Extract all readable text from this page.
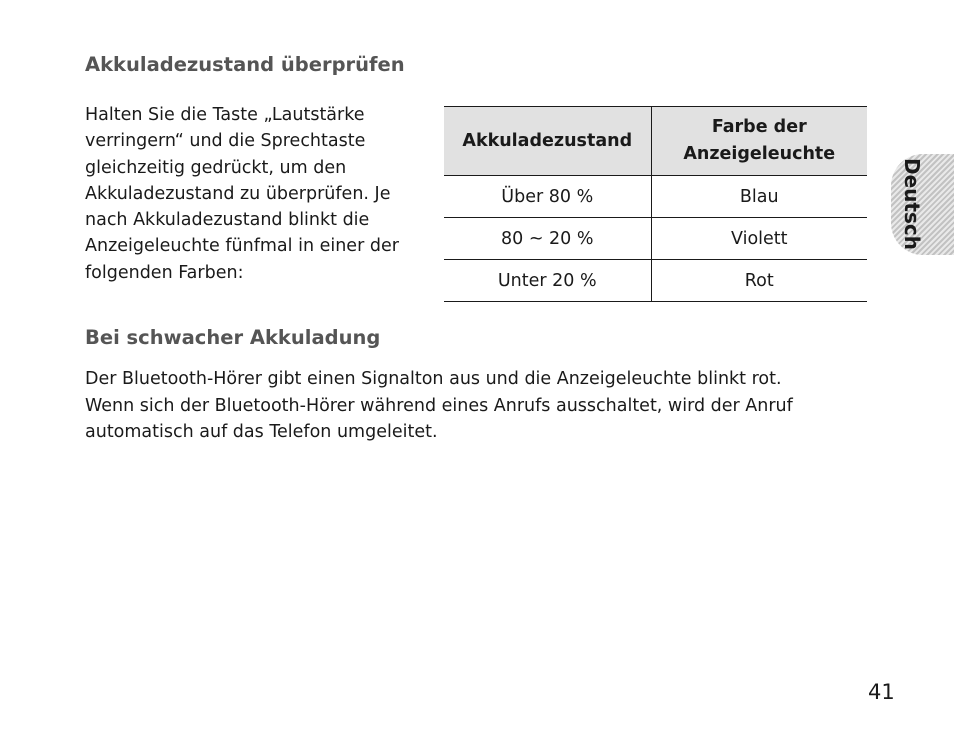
Akkuladezustand überprüfen

Halten Sie die Taste „Lautstärke
verringern“ und die Sprechtaste
gleichzeitig gedrückt, um den
Akkuladezustand zu überprüfen. Je
nach Akkuladezustand blinkt die
Anzeigeleuchte fünfmal in einer der
folgenden Farben:

Akkuladezustand	Farbe der Anzeigeleuchte
Über 80 %	Blau
80 ~ 20 %	Violett
Unter 20 %	Rot
Bei schwacher Akkuladung

Der Bluetooth-Hörer gibt einen Signalton aus und die Anzeigeleuchte blinkt rot.
Wenn sich der Bluetooth-Hörer während eines Anrufs ausschaltet, wird der Anruf
automatisch auf das Telefon umgeleitet.

Deutsch
41
